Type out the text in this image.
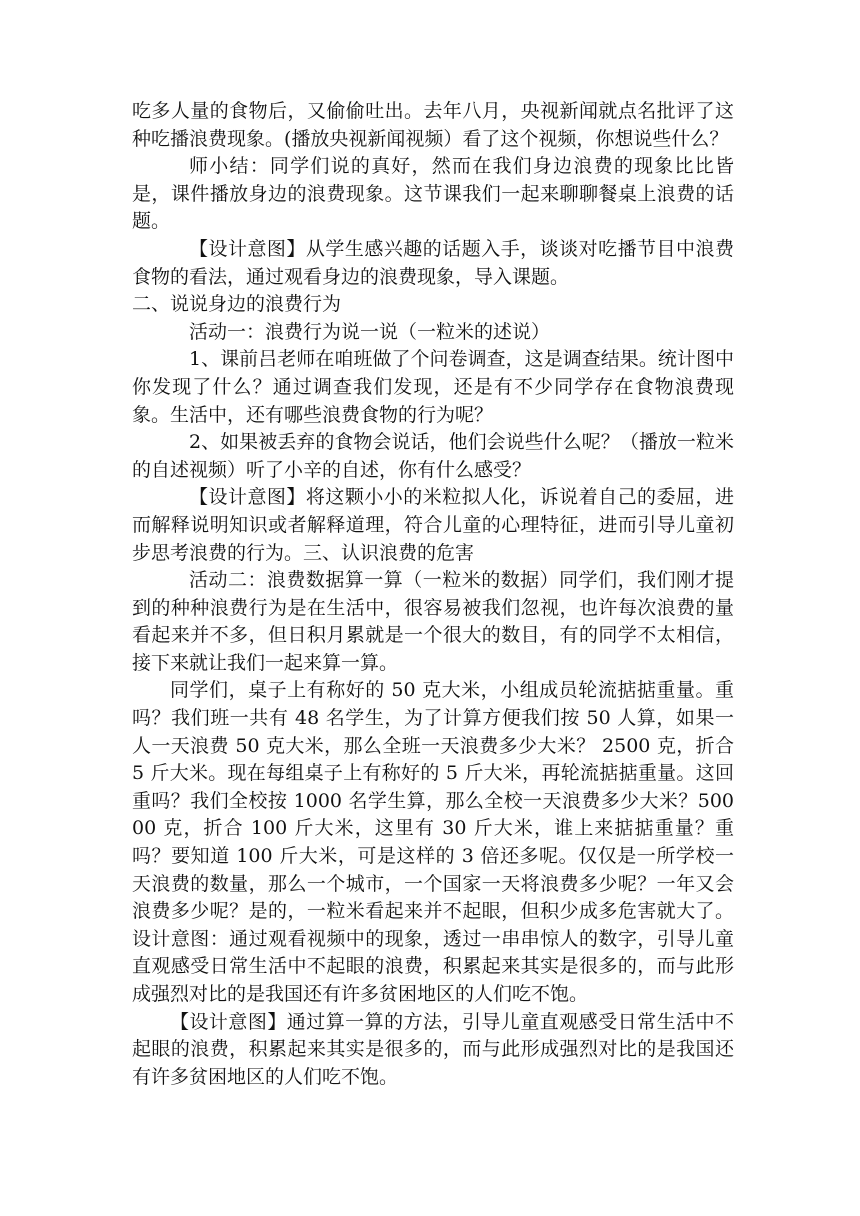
吃多人量的食物后，又偷偷吐出。去年八月，央视新闻就点名批评了这种吃播浪费现象。(播放央视新闻视频）看了这个视频，你想说些什么？

师小结：同学们说的真好，然而在我们身边浪费的现象比比皆是，课件播放身边的浪费现象。这节课我们一起来聊聊餐桌上浪费的话题。

【设计意图】从学生感兴趣的话题入手，谈谈对吃播节目中浪费食物的看法，通过观看身边的浪费现象，导入课题。

二、说说身边的浪费行为

活动一：浪费行为说一说（一粒米的述说）

1、课前吕老师在咱班做了个问卷调查，这是调查结果。统计图中你发现了什么？通过调查我们发现，还是有不少同学存在食物浪费现象。生活中，还有哪些浪费食物的行为呢？

2、如果被丢弃的食物会说话，他们会说些什么呢？（播放一粒米的自述视频）听了小辛的自述，你有什么感受？

【设计意图】将这颗小小的米粒拟人化，诉说着自己的委屈，进而解释说明知识或者解释道理，符合儿童的心理特征，进而引导儿童初步思考浪费的行为。三、认识浪费的危害

活动二：浪费数据算一算（一粒米的数据）同学们，我们刚才提到的种种浪费行为是在生活中，很容易被我们忽视，也许每次浪费的量看起来并不多，但日积月累就是一个很大的数目，有的同学不太相信，接下来就让我们一起来算一算。

同学们，桌子上有称好的 50 克大米，小组成员轮流掂掂重量。重吗？我们班一共有 48 名学生，为了计算方便我们按 50 人算，如果一人一天浪费 50 克大米，那么全班一天浪费多少大米？ 2500 克，折合 5 斤大米。现在每组桌子上有称好的 5 斤大米，再轮流掂掂重量。这回重吗？我们全校按 1000 名学生算，那么全校一天浪费多少大米？50000 克，折合 100 斤大米，这里有 30 斤大米，谁上来掂掂重量？重吗？要知道 100 斤大米，可是这样的 3 倍还多呢。仅仅是一所学校一天浪费的数量，那么一个城市，一个国家一天将浪费多少呢？一年又会浪费多少呢？是的，一粒米看起来并不起眼，但积少成多危害就大了。设计意图：通过观看视频中的现象，透过一串串惊人的数字，引导儿童直观感受日常生活中不起眼的浪费，积累起来其实是很多的，而与此形成强烈对比的是我国还有许多贫困地区的人们吃不饱。

【设计意图】通过算一算的方法，引导儿童直观感受日常生活中不起眼的浪费，积累起来其实是很多的，而与此形成强烈对比的是我国还有许多贫困地区的人们吃不饱。
